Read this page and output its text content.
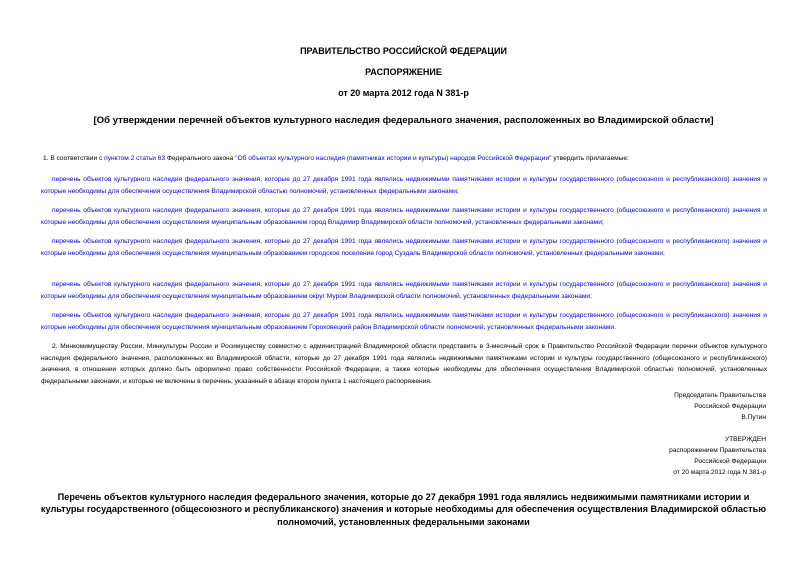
ПРАВИТЕЛЬСТВО РОССИЙСКОЙ ФЕДЕРАЦИИ
РАСПОРЯЖЕНИЕ
от 20 марта 2012 года N 381-р
[Об утверждении перечней объектов культурного наследия федерального значения, расположенных во Владимирской области]
1. В соответствии с пунктом 2 статьи 63 Федерального закона "Об объектах культурного наследия (памятниках истории и культуры) народов Российской Федерации" утвердить прилагаемые:
перечень объектов культурного наследия федерального значения, которые до 27 декабря 1991 года являлись недвижимыми памятниками истории и культуры государственного (общесоюзного и республиканского) значения и которые необходимы для обеспечения осуществления Владимирской областью полномочий, установленных федеральными законами;
перечень объектов культурного наследия федерального значения, которые до 27 декабря 1991 года являлись недвижимыми памятниками истории и культуры государственного (общесоюзного и республиканского) значения и которые необходимы для обеспечения осуществления муниципальным образованием город Владимир Владимирской области полномочий, установленных федеральными законами;
перечень объектов культурного наследия федерального значения, которые до 27 декабря 1991 года являлись недвижимыми памятниками истории и культуры государственного (общесоюзного и республиканского) значения и которые необходимы для обеспечения осуществления муниципальным образованием городское поселение город Суздаль Владимирской области полномочий, установленных федеральными законами;
перечень объектов культурного наследия федерального значения, которые до 27 декабря 1991 года являлись недвижимыми памятниками истории и культуры государственного (общесоюзного и республиканского) значения и которые необходимы для обеспечения осуществления муниципальным образованием округ Муром Владимирской области полномочий, установленных федеральными законами;
перечень объектов культурного наследия федерального значения, которые до 27 декабря 1991 года являлись недвижимыми памятниками истории и культуры государственного (общесоюзного и республиканского) значения и которые необходимы для обеспечения осуществления муниципальным образованием Гороховецкий район Владимирской области полномочий, установленных федеральными законами.
2. Минкомимуществу России, Минкультуры России и Росимуществу совместно с администрацией Владимирской области представить в 3-месячный срок в Правительство Российской Федерации перечни объектов культурного наследия федерального значения, расположенных во Владимирской области, которые до 27 декабря 1991 года являлись недвижимыми памятниками истории и культуры государственного (общесоюзного и республиканского) значения, в отношении которых должно быть оформлено право собственности Российской Федерации, а также которые необходимы для обеспечения осуществления Владимирской областью полномочий, установленных федеральными законами, и которые не включены в перечень, указанный в абзаце втором пункта 1 настоящего распоряжения.
Председатель Правительства
Российской Федерации
В.Путин
УТВЕРЖДЕН
распоряжением Правительства
Российской Федерации
от 20 марта 2012 года N 381-р
Перечень объектов культурного наследия федерального значения, которые до 27 декабря 1991 года являлись недвижимыми памятниками истории и культуры государственного (общесоюзного и республиканского) значения и которые необходимы для обеспечения осуществления Владимирской областью полномочий, установленных федеральными законами
